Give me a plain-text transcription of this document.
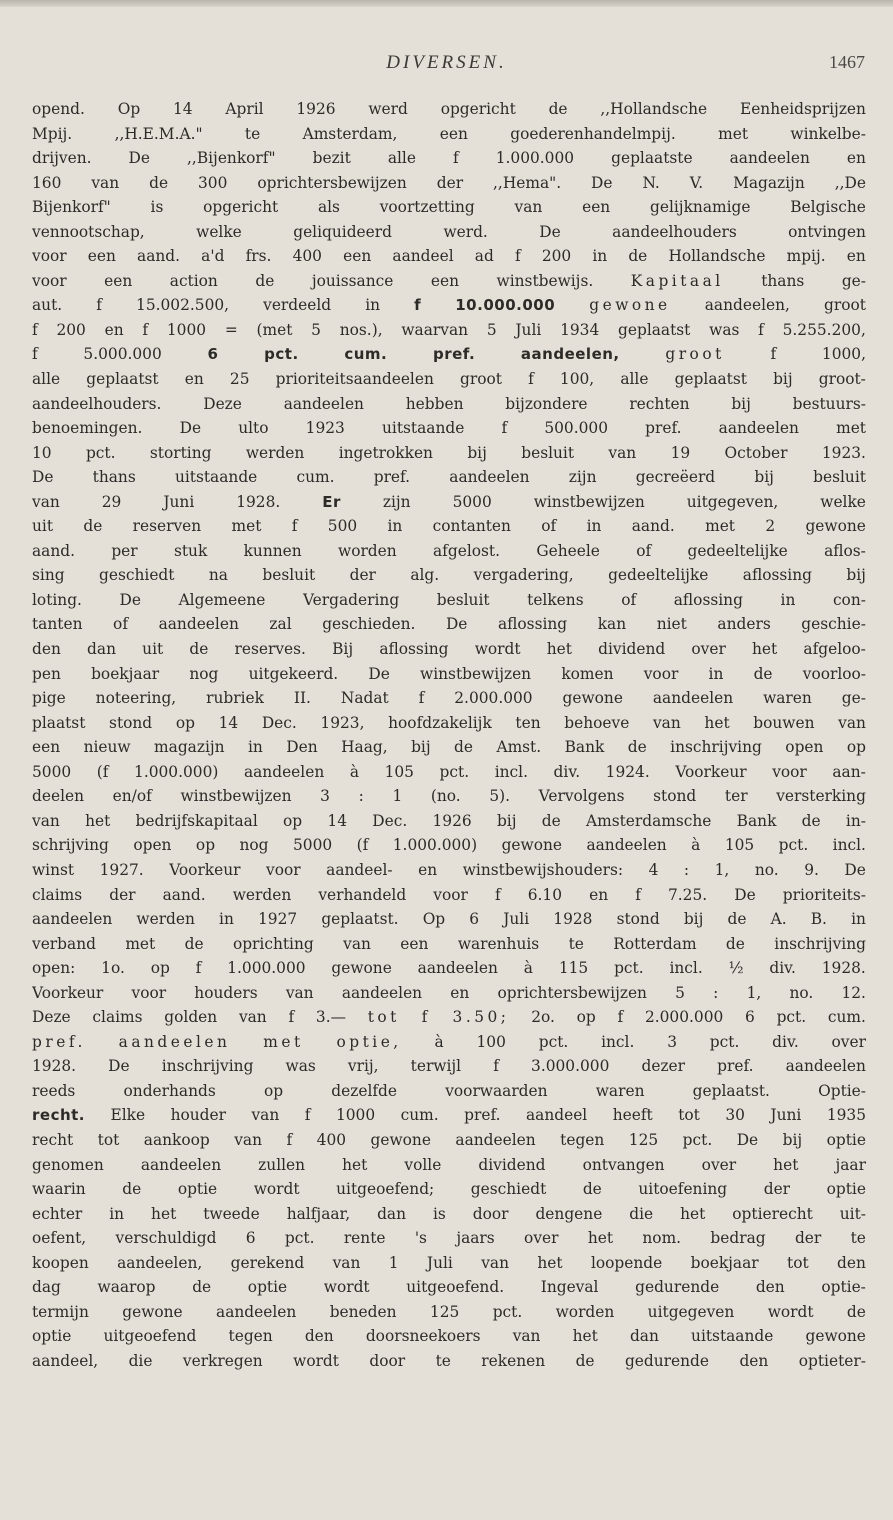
DIVERSEN.	1467
opend. Op 14 April 1926 werd opgericht de ,,Hollandsche Eenheidsprijzen
Mpij.	,,H.E.M.A."	te	Amsterdam,	een	goederenhandelmpij.	met	winkelbe-
drijven. De ,,Bijenkorf" bezit alle f 1.000.000 geplaatste aandeelen en
160 van de 300 oprichtersbewijzen der ,,Hema". De N. V. Magazijn ,,De
Bijenkorf"	is	opgericht	als	voortzetting	van	een	gelijknamige	Belgische
vennootschap,	welke	geliquideerd	werd.	De	aandeelhouders	ontvingen
voor een aand. a'd frs. 400 een aandeel ad f 200 in de Hollandsche mpij. en
voor een action de jouissance een winstbewijs. Kapitaal thans ge-
aut. f 15.002.500, verdeeld in f 10.000.000 gewone aandeelen, groot
f 200 en f 1000 = (met 5 nos.), waarvan 5 Juli 1934 geplaatst was f 5.255.200,
f	5.000.000	6	pct.	cum.	pref.	aandeelen,	groot	f	1000,
alle geplaatst en 25 prioriteitsaandeelen groot f 100, alle geplaatst bij groot-
aandeelhouders.	Deze	aandeelen	hebben	bijzondere	rechten	bij	bestuurs-
benoemingen. De ulto 1923 uitstaande f 500.000 pref. aandeelen met
10 pct. storting werden ingetrokken bij besluit van 19 October 1923.
De	thans	uitstaande	cum.	pref.	aandeelen	zijn	gecreëerd	bij	besluit
van	29	Juni	1928.	Er	zijn	5000	winstbewijzen	uitgegeven,	welke
uit de reserven met f 500 in contanten of in aand. met 2 gewone
aand. per stuk kunnen worden afgelost. Geheele of gedeeltelijke aflos-
sing geschiedt na besluit der alg. vergadering, gedeeltelijke aflossing bij
loting. De Algemeene Vergadering besluit telkens of aflossing in con-
tanten of aandeelen zal geschieden. De aflossing kan niet anders geschie-
den dan uit de reserves. Bij aflossing wordt het dividend over het afgeloo-
pen boekjaar nog uitgekeerd. De winstbewijzen komen voor in de voorloo-
pige noteering, rubriek II. Nadat f 2.000.000 gewone aandeelen waren ge-
plaatst stond op 14 Dec. 1923, hoofdzakelijk ten behoeve van het bouwen van
een nieuw magazijn in Den Haag, bij de Amst. Bank de inschrijving open op
5000 (f 1.000.000) aandeelen à 105 pct. incl. div. 1924. Voorkeur voor aan-
deelen en/of winstbewijzen 3 : 1 (no. 5). Vervolgens stond ter versterking
van het bedrijfskapitaal op 14 Dec. 1926 bij de Amsterdamsche Bank de in-
schrijving open op nog 5000 (f 1.000.000) gewone aandeelen à 105 pct. incl.
winst 1927. Voorkeur voor aandeel- en winstbewijshouders: 4 : 1, no. 9. De
claims der aand. werden verhandeld voor f 6.10 en f 7.25. De prioriteits-
aandeelen werden in 1927 geplaatst. Op 6 Juli 1928 stond bij de A. B. in
verband met de oprichting van een warenhuis te Rotterdam de inschrijving
open: 1o. op f 1.000.000 gewone aandeelen à 115 pct. incl. ½ div. 1928.
Voorkeur voor houders van aandeelen en oprichtersbewijzen 5 : 1, no. 12.
Deze claims golden van f 3.— tot f 3.50; 2o. op f 2.000.000 6 pct. cum.
pref. aandeelen met optie, à 100 pct. incl. 3 pct. div. over
1928. De inschrijving was vrij, terwijl f 3.000.000 dezer pref. aandeelen
reeds	onderhands	op	dezelfde	voorwaarden	waren	geplaatst.	Optie-
recht. Elke houder van f 1000 cum. pref. aandeel heeft tot 30 Juni 1935
recht tot aankoop van f 400 gewone aandeelen tegen 125 pct. De bij optie
genomen aandeelen zullen het volle dividend ontvangen over het jaar
waarin de optie wordt uitgeoefend; geschiedt de uitoefening der optie
echter in het tweede halfjaar, dan is door dengene die het optierecht uit-
oefent, verschuldigd 6 pct. rente 's jaars over het nom. bedrag der te
koopen aandeelen, gerekend van 1 Juli van het loopende boekjaar tot den
dag waarop de optie wordt uitgeoefend. Ingeval gedurende den optie-
termijn gewone aandeelen beneden 125 pct. worden uitgegeven wordt de
optie uitgeoefend tegen den doorsneekoers van het dan uitstaande gewone
aandeel, die verkregen wordt door te rekenen de gedurende den optieter-
